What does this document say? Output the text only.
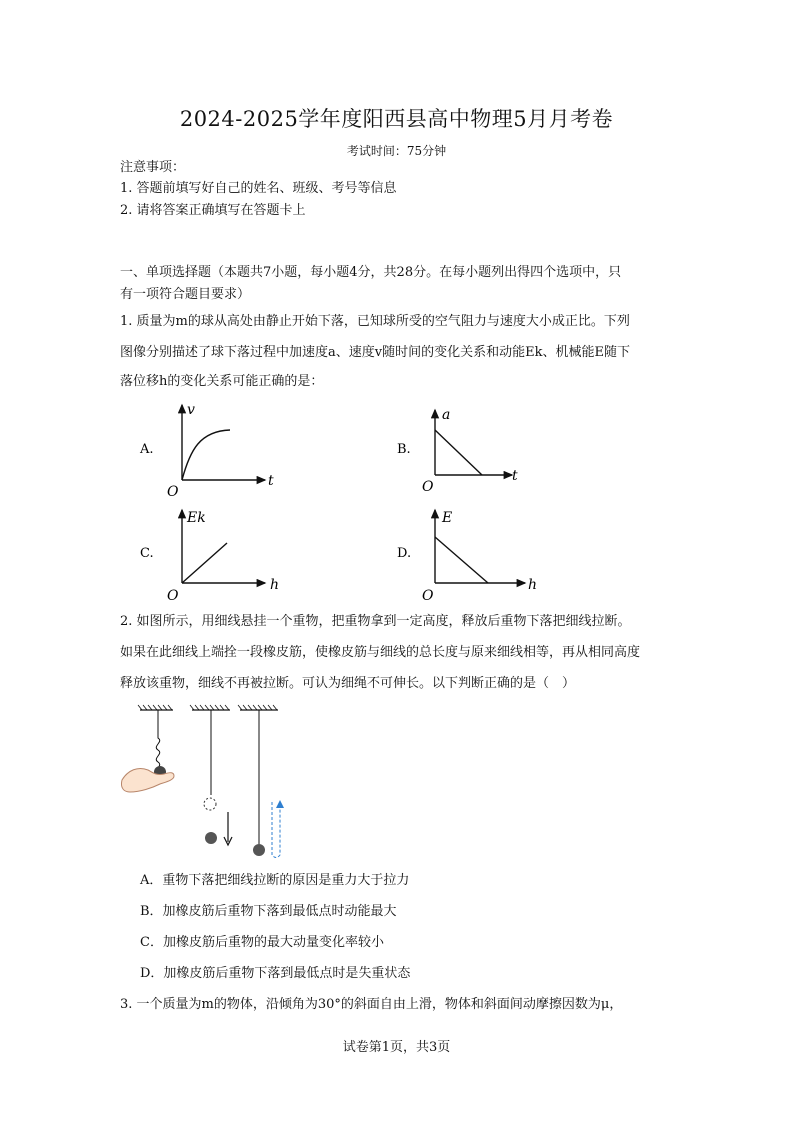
2024-2025学年度阳西县高中物理5月月考卷
考试时间：75分钟
注意事项：
1. 答题前填写好自己的姓名、班级、考号等信息
2. 请将答案正确填写在答题卡上
一、单项选择题（本题共7小题，每小题4分，共28分。在每小题列出得四个选项中，只
有一项符合题目要求）
1. 质量为m的球从高处由静止开始下落，已知球所受的空气阻力与速度大小成正比。下列
图像分别描述了球下落过程中加速度a、速度v随时间的变化关系和动能Ek、机械能E随下
落位移h的变化关系可能正确的是：
A.
v
t
O
B.
a
t
O
C.
Ek
h
O
D.
E
h
O
2. 如图所示，用细线悬挂一个重物，把重物拿到一定高度，释放后重物下落把细线拉断。
如果在此细线上端拴一段橡皮筋，使橡皮筋与细线的总长度与原来细线相等，再从相同高度
释放该重物，细线不再被拉断。可认为细绳不可伸长。以下判断正确的是（　）
A．重物下落把细线拉断的原因是重力大于拉力
B．加橡皮筋后重物下落到最低点时动能最大
C．加橡皮筋后重物的最大动量变化率较小
D．加橡皮筋后重物下落到最低点时是失重状态
3. 一个质量为m的物体，沿倾角为30°的斜面自由上滑，物体和斜面间动摩擦因数为μ，
试卷第1页，共3页
